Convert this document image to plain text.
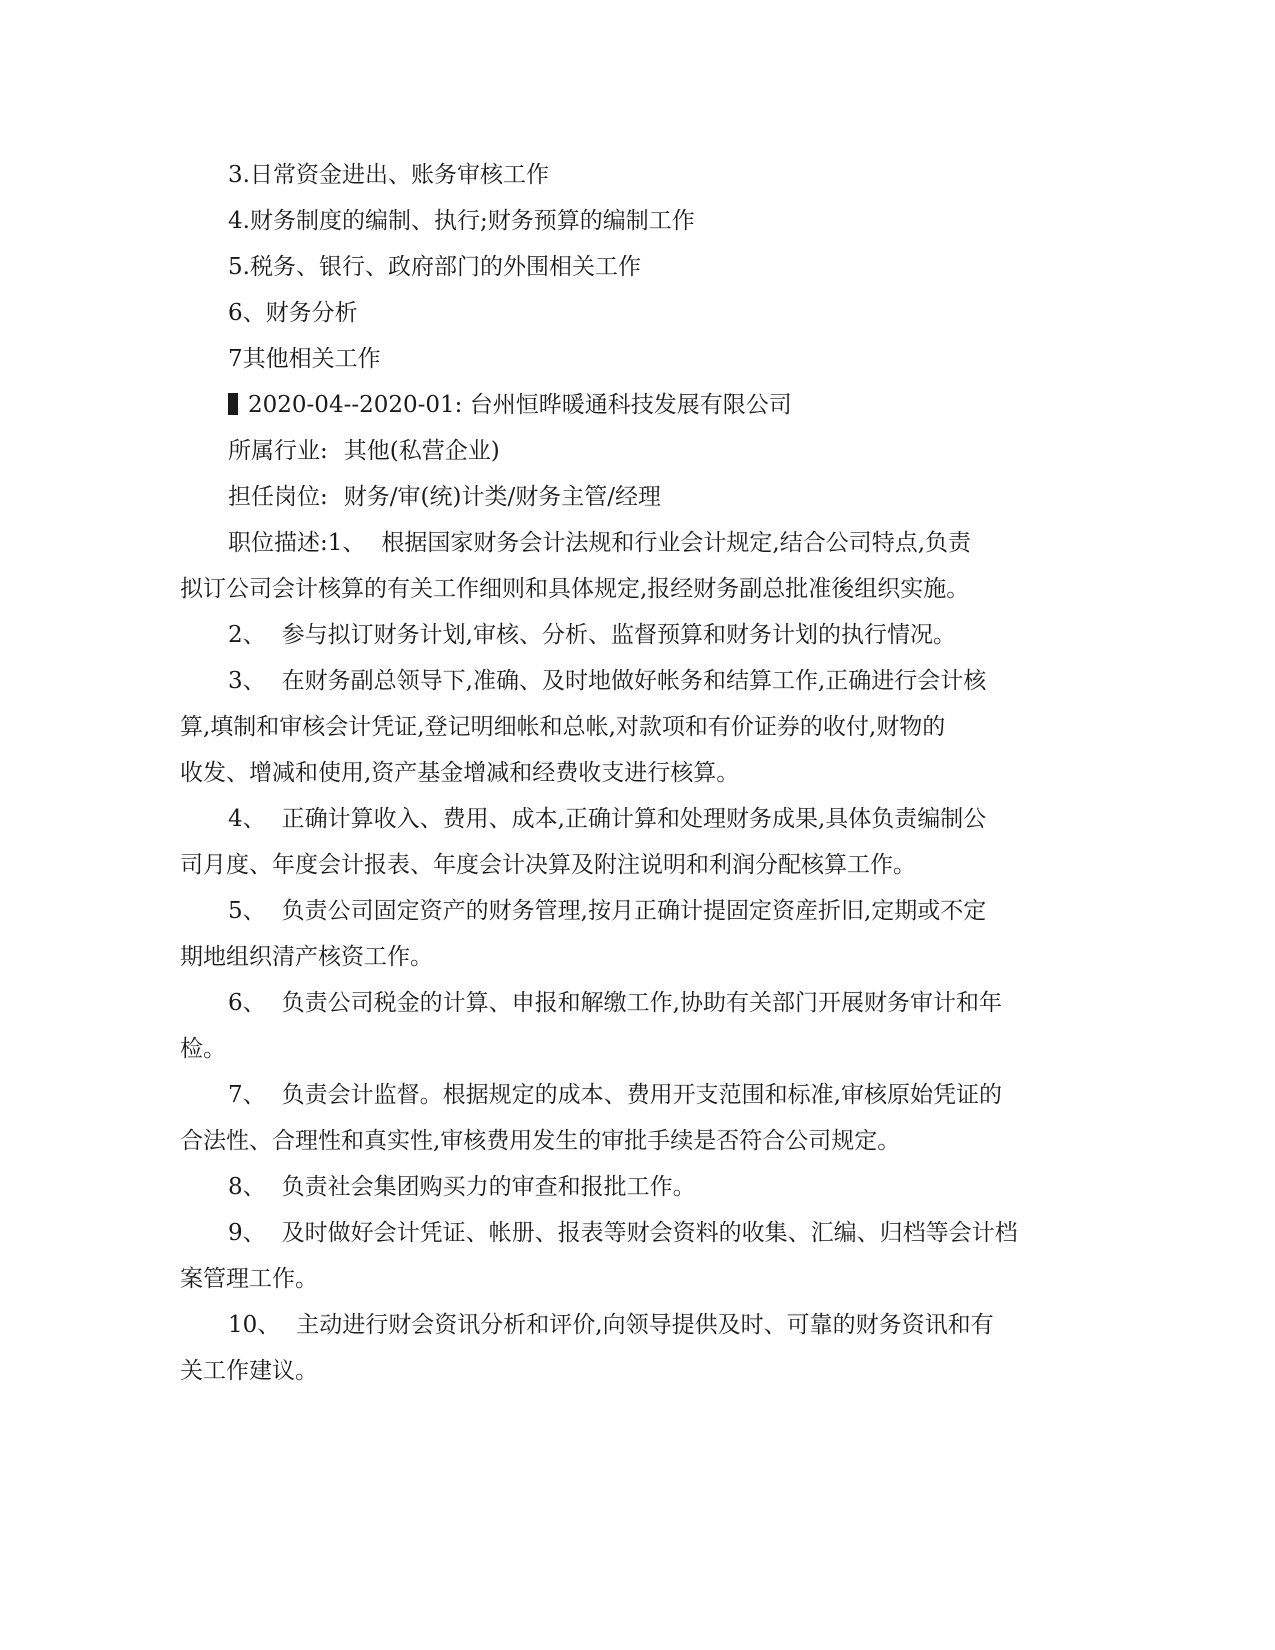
3.日常资金进出、账务审核工作
4.财务制度的编制、执行;财务预算的编制工作
5.税务、银行、政府部门的外围相关工作
6、财务分析
7其他相关工作
2020-04--2020-01: 台州恒晔暖通科技发展有限公司
所属行业: 其他(私营企业)
担任岗位: 财务/审(统)计类/财务主管/经理
职位描述:1、 根据国家财务会计法规和行业会计规定,结合公司特点,负责
拟订公司会计核算的有关工作细则和具体规定,报经财务副总批准後组织实施。
2、 参与拟订财务计划,审核、分析、监督预算和财务计划的执行情况。
3、 在财务副总领导下,准确、及时地做好帐务和结算工作,正确进行会计核
算,填制和审核会计凭证,登记明细帐和总帐,对款项和有价证券的收付,财物的
收发、增减和使用,资产基金增减和经费收支进行核算。
4、 正确计算收入、费用、成本,正确计算和处理财务成果,具体负责编制公
司月度、年度会计报表、年度会计决算及附注说明和利润分配核算工作。
5、 负责公司固定资产的财务管理,按月正确计提固定资産折旧,定期或不定
期地组织清产核资工作。
6、 负责公司税金的计算、申报和解缴工作,协助有关部门开展财务审计和年
检。
7、 负责会计监督。根据规定的成本、费用开支范围和标准,审核原始凭证的
合法性、合理性和真实性,审核费用发生的审批手续是否符合公司规定。
8、 负责社会集团购买力的审查和报批工作。
9、 及时做好会计凭证、帐册、报表等财会资料的收集、汇编、归档等会计档
案管理工作。
10、 主动进行财会资讯分析和评价,向领导提供及时、可靠的财务资讯和有
关工作建议。
